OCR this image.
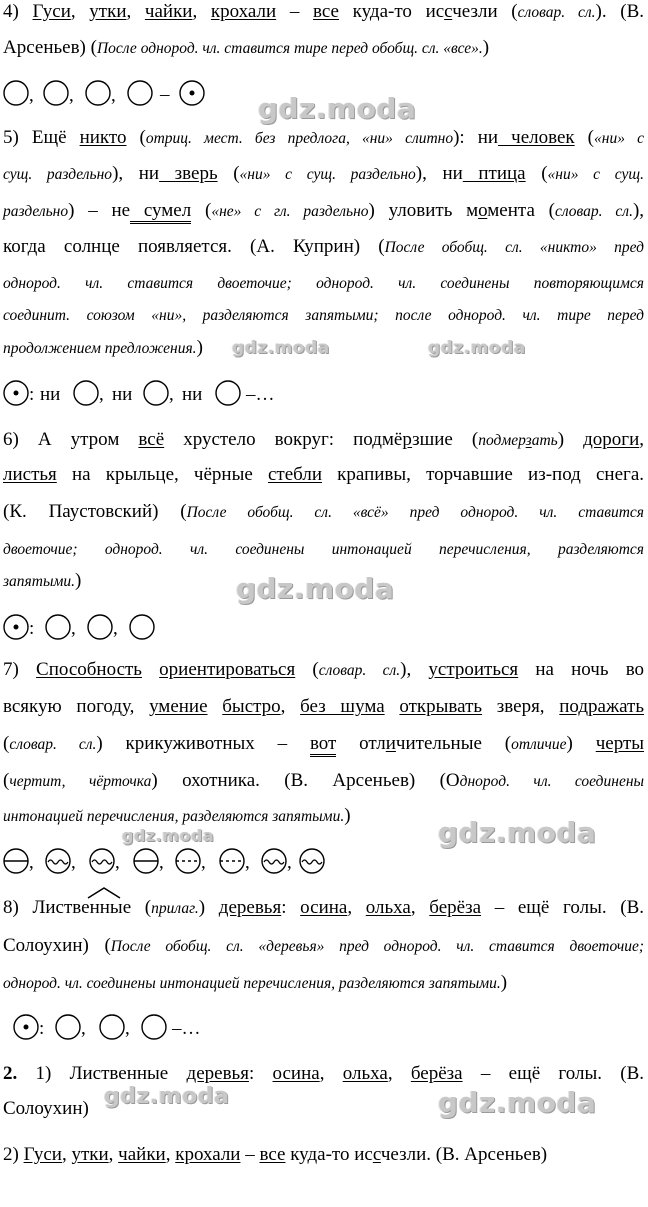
4) Гуси, утки, чайки, крохали – все куда-то иссчезли (словар. сл.). (В.
Арсеньев) (После однород. чл. ставится тире перед обобщ. сл. «все».)
, , , –	gdz.moda
5) Ещё никто (отриц. мест. без предлога, «ни» слитно): ни человек («ни» с
сущ. раздельно), ни зверь («ни» с сущ. раздельно), ни птица («ни» с сущ.
раздельно) – не сумел («не» с гл. раздельно) уловить момента (словар. сл.),
когда солнце появляется. (А. Куприн) (После обобщ. сл. «никто» пред
однород. чл. ставится двоеточие; однород. чл. соединены повторяющимся
соединит. союзом «ни», разделяются запятыми; после однород. чл. тире перед
продолжением предложения.)	gdz.moda	gdz.moda
: ни , ни , ни –…
6) А утром всё хрустело вокруг: подмёрзшие (подмерзать) дороги,
листья на крыльце, чёрные стебли крапивы, торчавшие из-под снега.
(К. Паустовский) (После обобщ. сл. «всё» пред однород. чл. ставится
двоеточие; однород. чл. соединены интонацией перечисления, разделяются
запятыми.)	gdz.moda
: , ,
7) Способность ориентироваться (словар. сл.), устроиться на ночь во
всякую погоду, умение быстро, без шума открывать зверя, подражать
(словар. сл.) крикуживотных – вот отличительные (отличие) черты
(чертит, чёрточка) охотника. (В. Арсеньев) (Однород. чл. соединены
интонацией перечисления, разделяются запятыми.)
gdz.moda	gdz.moda
, , , , , , ,
8) Лиственные (прилаг.) деревья: осина, ольха, берёза – ещё голы. (В.
Солоухин) (После обобщ. сл. «деревья» пред однород. чл. ставится двоеточие;
однород. чл. соединены интонацией перечисления, разделяются запятыми.)
: , , –…
2. 1) Лиственные деревья: осина, ольха, берёза – ещё голы. (В.
Солоухин) gdz.moda	gdz.moda
2) Гуси, утки, чайки, крохали – все куда-то иссчезли. (В. Арсеньев)
